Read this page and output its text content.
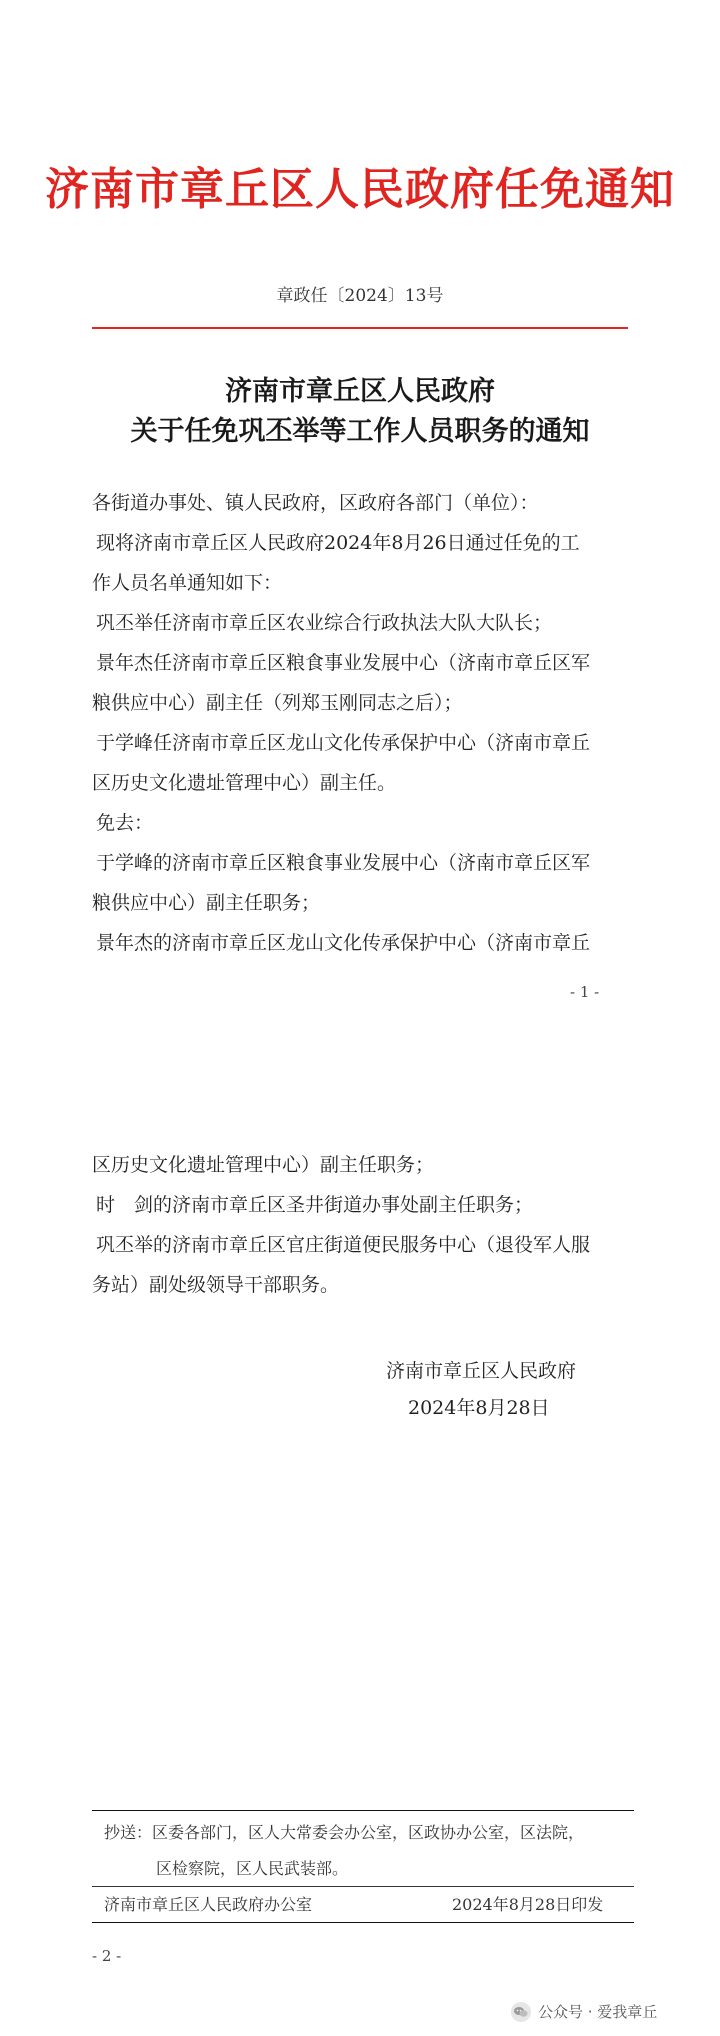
济南市章丘区人民政府任免通知
章政任〔2024〕13号
济南市章丘区人民政府
关于任免巩丕举等工作人员职务的通知
各街道办事处、镇人民政府，区政府各部门（单位）：
现将济南市章丘区人民政府2024年8月26日通过任免的工
作人员名单通知如下：
巩丕举任济南市章丘区农业综合行政执法大队大队长；
景年杰任济南市章丘区粮食事业发展中心（济南市章丘区军
粮供应中心）副主任（列郑玉刚同志之后）；
于学峰任济南市章丘区龙山文化传承保护中心（济南市章丘
区历史文化遗址管理中心）副主任。
免去：
于学峰的济南市章丘区粮食事业发展中心（济南市章丘区军
粮供应中心）副主任职务；
景年杰的济南市章丘区龙山文化传承保护中心（济南市章丘
- 1 -
区历史文化遗址管理中心）副主任职务；
时　剑的济南市章丘区圣井街道办事处副主任职务；
巩丕举的济南市章丘区官庄街道便民服务中心（退役军人服
务站）副处级领导干部职务。
济南市章丘区人民政府
2024年8月28日
抄送：区委各部门，区人大常委会办公室，区政协办公室，区法院，
区检察院，区人民武装部。
济南市章丘区人民政府办公室	2024年8月28日印发
- 2 -
公众号 · 爱我章丘
